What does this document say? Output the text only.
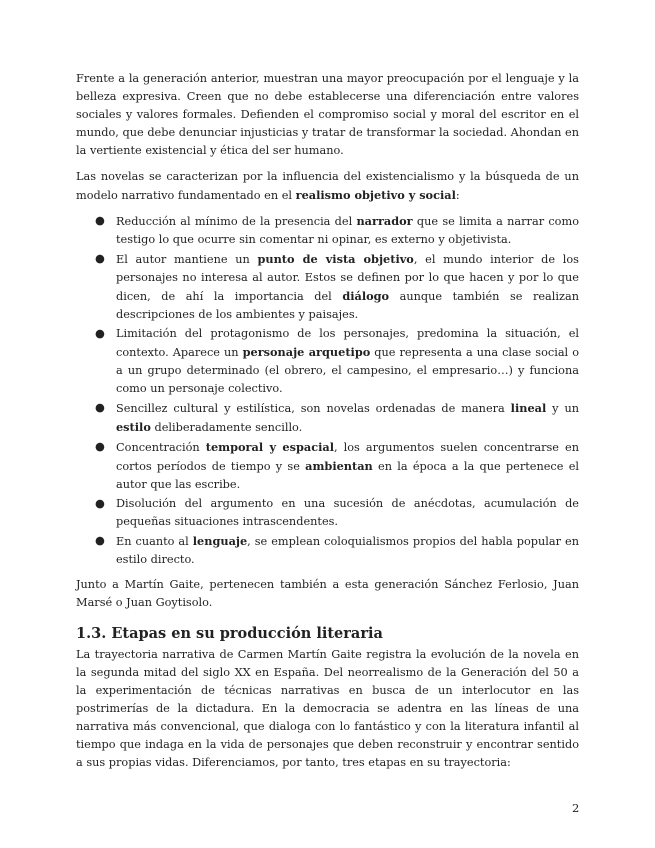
Frente a la generación anterior, muestran una mayor preocupación por el lenguaje y la belleza expresiva. Creen que no debe establecerse una diferenciación entre valores sociales y valores formales. Defienden el compromiso social y moral del escritor en el mundo, que debe denunciar injusticias y tratar de transformar la sociedad. Ahondan en la vertiente existencial y ética del ser humano.

Las novelas se caracterizan por la influencia del existencialismo y la búsqueda de un modelo narrativo fundamentado en el realismo objetivo y social:

● Reducción al mínimo de la presencia del narrador que se limita a narrar como testigo lo que ocurre sin comentar ni opinar, es externo y objetivista.
● El autor mantiene un punto de vista objetivo, el mundo interior de los personajes no interesa al autor. Estos se definen por lo que hacen y por lo que dicen, de ahí la importancia del diálogo aunque también se realizan descripciones de los ambientes y paisajes.
● Limitación del protagonismo de los personajes, predomina la situación, el contexto. Aparece un personaje arquetipo que representa a una clase social o a un grupo determinado (el obrero, el campesino, el empresario…) y funciona como un personaje colectivo.
● Sencillez cultural y estilística, son novelas ordenadas de manera lineal y un estilo deliberadamente sencillo.
● Concentración temporal y espacial, los argumentos suelen concentrarse en cortos períodos de tiempo y se ambientan en la época a la que pertenece el autor que las escribe.
● Disolución del argumento en una sucesión de anécdotas, acumulación de pequeñas situaciones intrascendentes.
● En cuanto al lenguaje, se emplean coloquialismos propios del habla popular en estilo directo.

Junto a Martín Gaite, pertenecen también a esta generación Sánchez Ferlosio, Juan Marsé o Juan Goytisolo.

1.3. Etapas en su producción literaria

La trayectoria narrativa de Carmen Martín Gaite registra la evolución de la novela en la segunda mitad del siglo XX en España. Del neorrealismo de la Generación del 50 a la experimentación de técnicas narrativas en busca de un interlocutor en las postrimerías de la dictadura. En la democracia se adentra en las líneas de una narrativa más convencional, que dialoga con lo fantástico y con la literatura infantil al tiempo que indaga en la vida de personajes que deben reconstruir y encontrar sentido a sus propias vidas. Diferenciamos, por tanto, tres etapas en su trayectoria:

2
